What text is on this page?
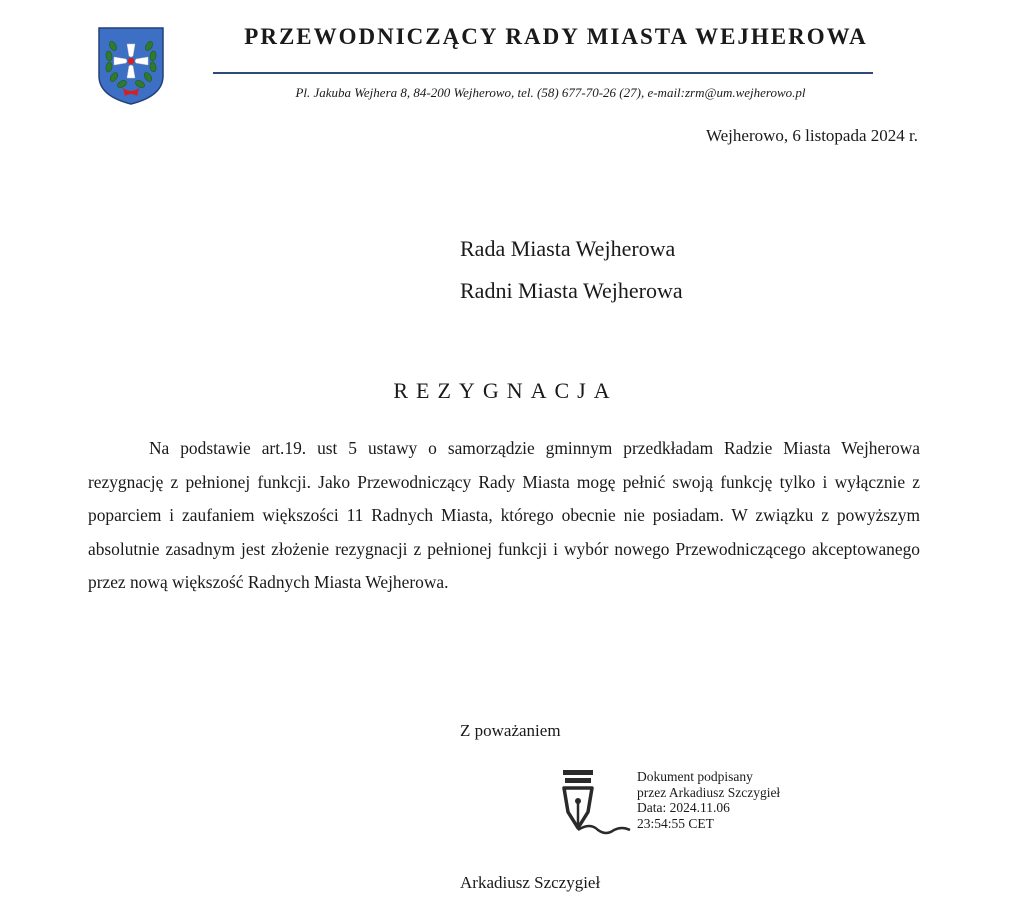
PRZEWODNICZĄCY RADY MIASTA WEJHEROWA
Pl. Jakuba Wejhera 8, 84-200 Wejherowo, tel. (58) 677-70-26 (27), e-mail:zrm@um.wejherowo.pl
Wejherowo, 6 listopada 2024 r.
Rada Miasta Wejherowa
Radni Miasta Wejherowa
REZYGNACJA

Na podstawie art.19. ust 5 ustawy o samorządzie gminnym przedkładam Radzie Miasta Wejherowa rezygnację z pełnionej funkcji. Jako Przewodniczący Rady Miasta mogę pełnić swoją funkcję tylko i wyłącznie z poparciem i zaufaniem większości 11 Radnych Miasta, którego obecnie nie posiadam. W związku z powyższym absolutnie zasadnym jest złożenie rezygnacji z pełnionej funkcji i wybór nowego Przewodniczącego akceptowanego przez nową większość Radnych Miasta Wejherowa.

Z poważaniem
Dokument podpisany
przez Arkadiusz Szczygieł
Data: 2024.11.06
23:54:55 CET
Arkadiusz Szczygieł
